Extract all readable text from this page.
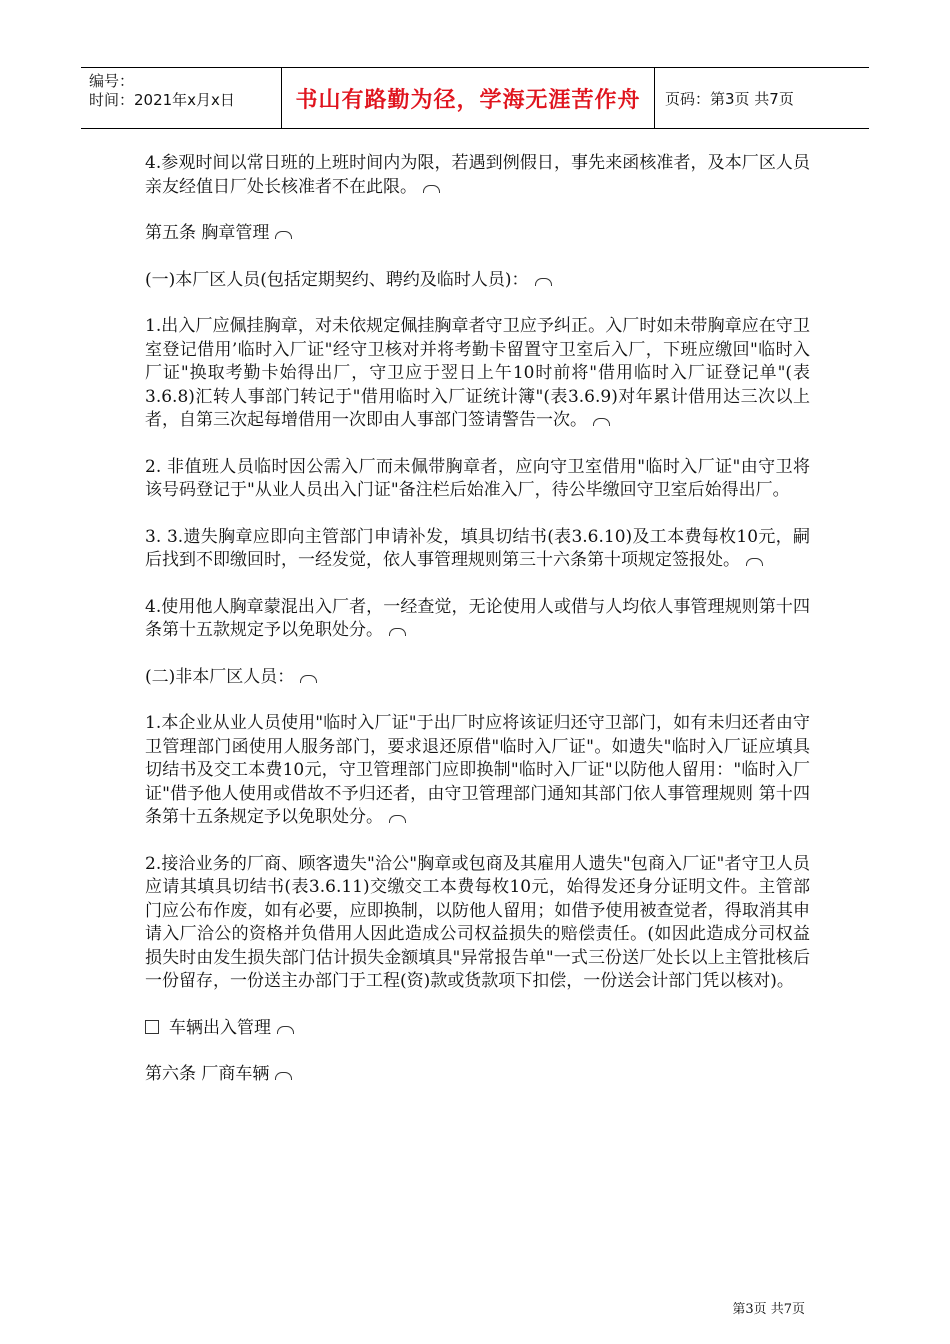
编号：
时间：2021年x月x日	书山有路勤为径，学海无涯苦作舟	页码：第3页 共7页

4.参观时间以常日班的上班时间内为限，若遇到例假日，事先来函核准者，及本厂区人员亲友经值日厂处长核准者不在此限。

第五条 胸章管理

(一)本厂区人员(包括定期契约、聘约及临时人员)：

1.出入厂应佩挂胸章，对未依规定佩挂胸章者守卫应予纠正。入厂时如未带胸章应在守卫室登记借用’临时入厂证"经守卫核对并将考勤卡留置守卫室后入厂，下班应缴回"临时入厂证"换取考勤卡始得出厂，守卫应于翌日上午10时前将"借用临时入厂证登记单"(表3.6.8)汇转人事部门转记于"借用临时入厂证统计簿"(表3.6.9)对年累计借用达三次以上者，自第三次起每增借用一次即由人事部门签请警告一次。

2. 非值班人员临时因公需入厂而未佩带胸章者，应向守卫室借用"临时入厂证"由守卫将该号码登记于"从业人员出入门证"备注栏后始准入厂，待公毕缴回守卫室后始得出厂。

3. 3.遗失胸章应即向主管部门申请补发，填具切结书(表3.6.10)及工本费每枚10元，嗣后找到不即缴回时，一经发觉，依人事管理规则第三十六条第十项规定签报处。

4.使用他人胸章蒙混出入厂者，一经查觉，无论使用人或借与人均依人事管理规则第十四条第十五款规定予以免职处分。

(二)非本厂区人员：

1.本企业从业人员使用"临时入厂证"于出厂时应将该证归还守卫部门，如有未归还者由守卫管理部门函使用人服务部门，要求退还原借"临时入厂证"。如遗失"临时入厂证应填具切结书及交工本费10元，守卫管理部门应即换制"临时入厂证"以防他人留用："临时入厂证"借予他人使用或借故不予归还者，由守卫管理部门通知其部门依人事管理规则 第十四条第十五条规定予以免职处分。

2.接洽业务的厂商、顾客遗失"洽公"胸章或包商及其雇用人遗失"包商入厂证"者守卫人员应请其填具切结书(表3.6.11)交缴交工本费每枚10元，始得发还身分证明文件。主管部门应公布作废，如有必要，应即换制，以防他人留用；如借予使用被查觉者，得取消其申请入厂洽公的资格并负借用人因此造成公司权益损失的赔偿责任。(如因此造成分司权益损失时由发生损失部门估计损失金额填具"异常报告单"一式三份送厂处长以上主管批核后一份留存，一份送主办部门于工程(资)款或货款项下扣偿，一份送会计部门凭以核对)。

车辆出入管理

第六条 厂商车辆

第3页 共7页
